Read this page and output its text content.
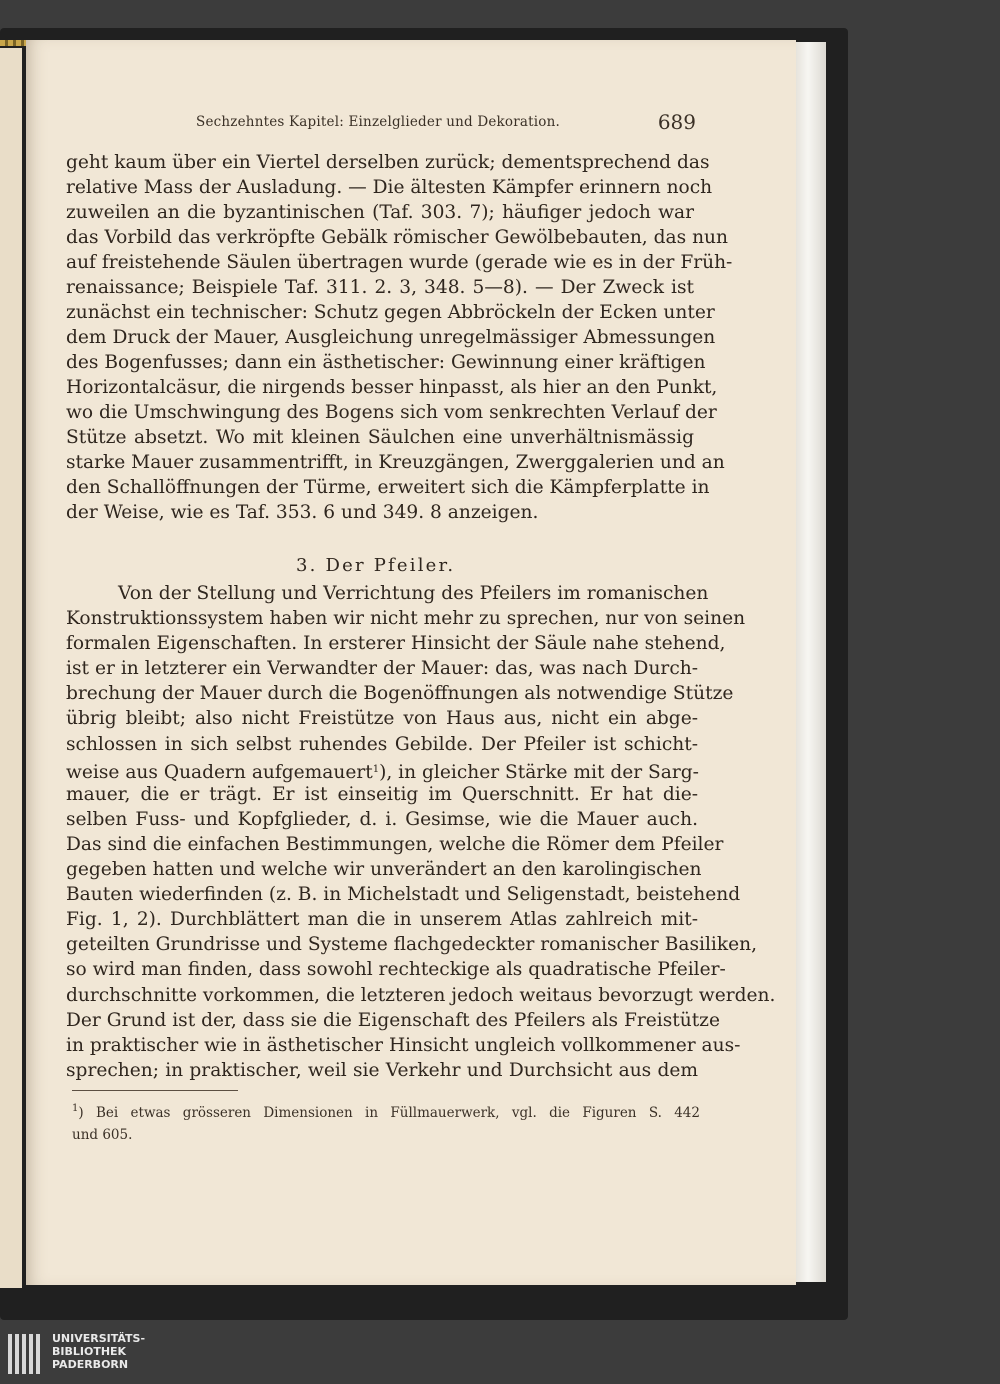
Sechzehntes Kapitel: Einzelglieder und Dekoration.	689
geht kaum über ein Viertel derselben zurück; dementsprechend das
relative Mass der Ausladung. — Die ältesten Kämpfer erinnern noch
zuweilen an die byzantinischen (Taf. 303. 7); häufiger jedoch war
das Vorbild das verkröpfte Gebälk römischer Gewölbebauten, das nun
auf freistehende Säulen übertragen wurde (gerade wie es in der Früh-
renaissance; Beispiele Taf. 311. 2. 3, 348. 5—8). — Der Zweck ist
zunächst ein technischer: Schutz gegen Abbröckeln der Ecken unter
dem Druck der Mauer, Ausgleichung unregelmässiger Abmessungen
des Bogenfusses; dann ein ästhetischer: Gewinnung einer kräftigen
Horizontalcäsur, die nirgends besser hinpasst, als hier an den Punkt,
wo die Umschwingung des Bogens sich vom senkrechten Verlauf der
Stütze absetzt. Wo mit kleinen Säulchen eine unverhältnismässig
starke Mauer zusammentrifft, in Kreuzgängen, Zwerggalerien und an
den Schallöffnungen der Türme, erweitert sich die Kämpferplatte in
der Weise, wie es Taf. 353. 6 und 349. 8 anzeigen.
3. Der Pfeiler.
Von der Stellung und Verrichtung des Pfeilers im romanischen
Konstruktionssystem haben wir nicht mehr zu sprechen, nur von seinen
formalen Eigenschaften. In ersterer Hinsicht der Säule nahe stehend,
ist er in letzterer ein Verwandter der Mauer: das, was nach Durch-
brechung der Mauer durch die Bogenöffnungen als notwendige Stütze
übrig bleibt; also nicht Freistütze von Haus aus, nicht ein abge-
schlossen in sich selbst ruhendes Gebilde. Der Pfeiler ist schicht-
weise aus Quadern aufgemauert$^1$), in gleicher Stärke mit der Sarg-
mauer, die er trägt. Er ist einseitig im Querschnitt. Er hat die-
selben Fuss- und Kopfglieder, d. i. Gesimse, wie die Mauer auch.
Das sind die einfachen Bestimmungen, welche die Römer dem Pfeiler
gegeben hatten und welche wir unverändert an den karolingischen
Bauten wiederfinden (z. B. in Michelstadt und Seligenstadt, beistehend
Fig. 1, 2). Durchblättert man die in unserem Atlas zahlreich mit-
geteilten Grundrisse und Systeme flachgedeckter romanischer Basiliken,
so wird man finden, dass sowohl rechteckige als quadratische Pfeiler-
durchschnitte vorkommen, die letzteren jedoch weitaus bevorzugt werden.
Der Grund ist der, dass sie die Eigenschaft des Pfeilers als Freistütze
in praktischer wie in ästhetischer Hinsicht ungleich vollkommener aus-
sprechen; in praktischer, weil sie Verkehr und Durchsicht aus dem
$^1$) Bei etwas grösseren Dimensionen in Füllmauerwerk, vgl. die Figuren S. 442
und 605.
UNIVERSITÄTS-
BIBLIOTHEK
PADERBORN
